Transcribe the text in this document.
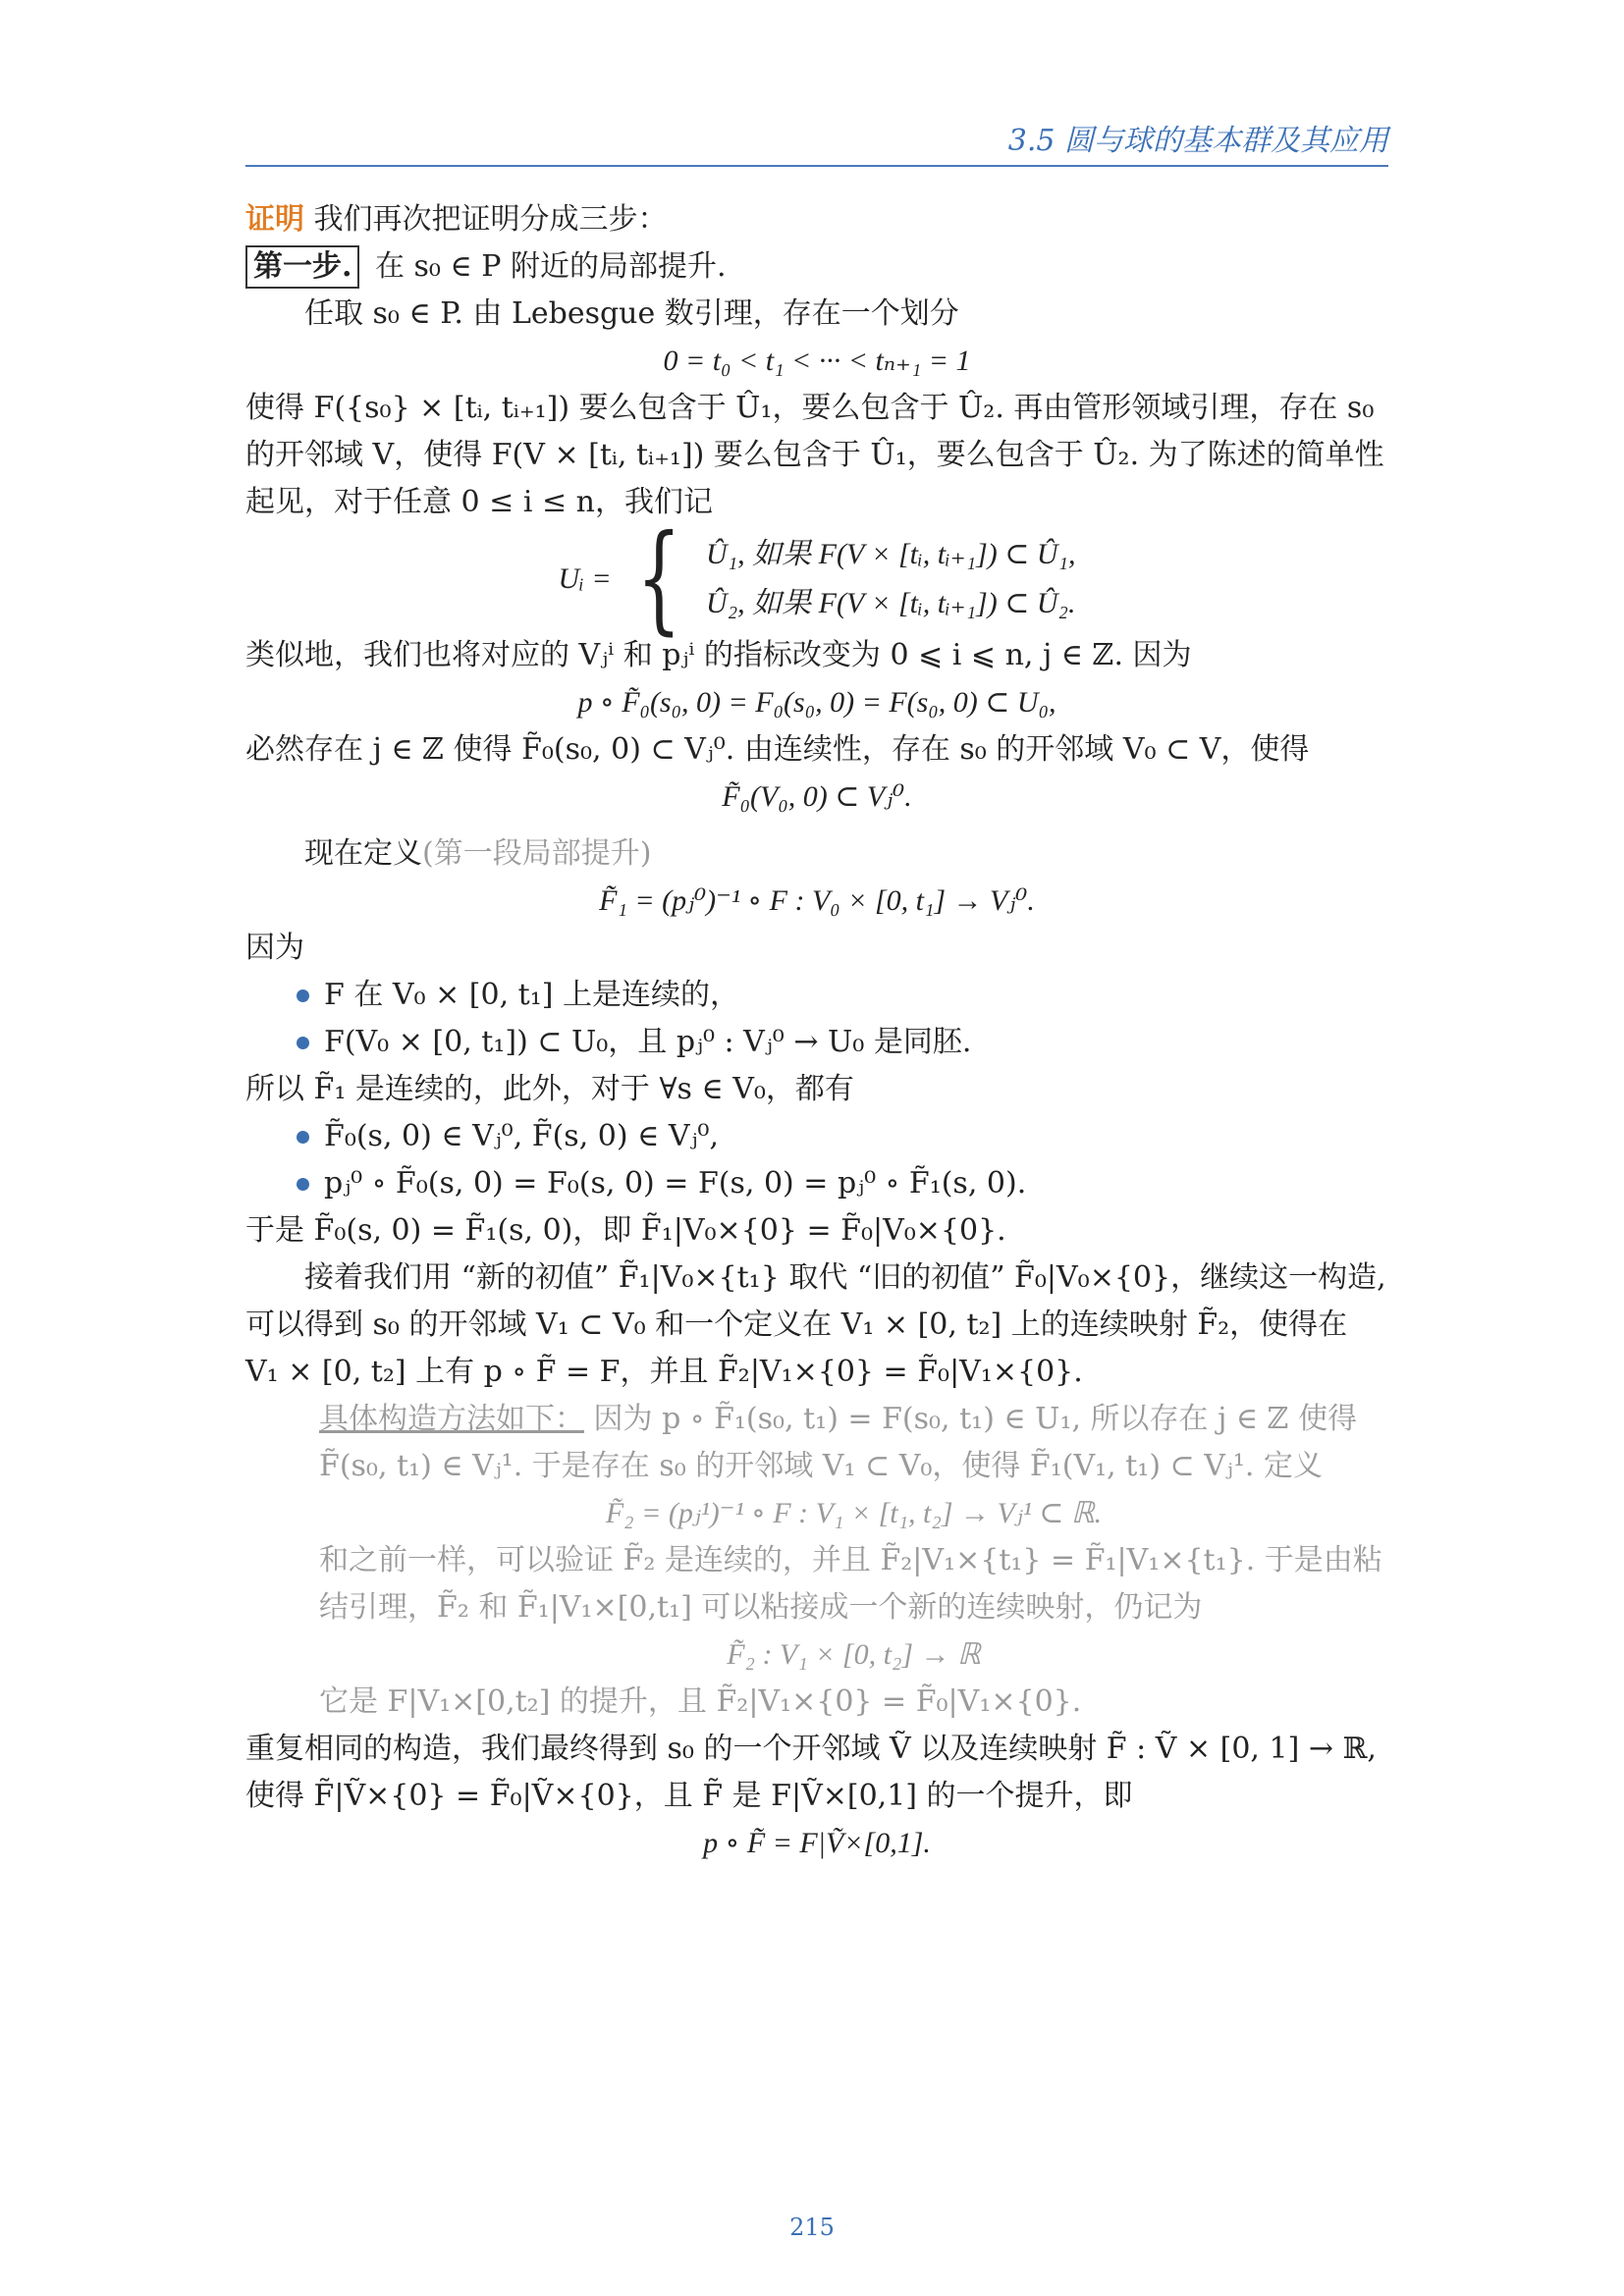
3.5 圆与球的基本群及其应用

证明 我们再次把证明分成三步：

第一步. 在 s₀ ∈ P 附近的局部提升.

任取 s₀ ∈ P. 由 Lebesgue 数引理，存在一个划分

0 = t₀ < t₁ < ··· < tₙ₊₁ = 1

使得 F({s₀} × [tᵢ, tᵢ₊₁]) 要么包含于 Û₁，要么包含于 Û₂. 再由管形领域引理，存在 s₀ 的开邻域 V，使得 F(V × [tᵢ, tᵢ₊₁]) 要么包含于 Û₁，要么包含于 Û₂. 为了陈述的简单性起见，对于任意 0 ≤ i ≤ n，我们记

Uᵢ = { Û₁, 如果 F(V × [tᵢ, tᵢ₊₁]) ⊂ Û₁,
Û₂, 如果 F(V × [tᵢ, tᵢ₊₁]) ⊂ Û₂.

类似地，我们也将对应的 Vⱼⁱ 和 pⱼⁱ 的指标改变为 0 ⩽ i ⩽ n, j ∈ ℤ. 因为

p ∘ F̃₀(s₀, 0) = F₀(s₀, 0) = F(s₀, 0) ⊂ U₀,

必然存在 j ∈ ℤ 使得 F̃₀(s₀, 0) ⊂ Vⱼ⁰. 由连续性，存在 s₀ 的开邻域 V₀ ⊂ V，使得

F̃₀(V₀, 0) ⊂ Vⱼ⁰.

现在定义(第一段局部提升)

F̃₁ = (pⱼ⁰)⁻¹ ∘ F : V₀ × [0, t₁] → Vⱼ⁰.

因为

F 在 V₀ × [0, t₁] 上是连续的，
F(V₀ × [0, t₁]) ⊂ U₀，且 pⱼ⁰ : Vⱼ⁰ → U₀ 是同胚.

所以 F̃₁ 是连续的，此外，对于 ∀s ∈ V₀，都有

F̃₀(s, 0) ∈ Vⱼ⁰, F̃(s, 0) ∈ Vⱼ⁰,
pⱼ⁰ ∘ F̃₀(s, 0) = F₀(s, 0) = F(s, 0) = pⱼ⁰ ∘ F̃₁(s, 0).

于是 F̃₀(s, 0) = F̃₁(s, 0)，即 F̃₁|V₀×{0} = F̃₀|V₀×{0}.

接着我们用 “新的初值” F̃₁|V₀×{t₁} 取代 “旧的初值” F̃₀|V₀×{0}，继续这一构造, 可以得到 s₀ 的开邻域 V₁ ⊂ V₀ 和一个定义在 V₁ × [0, t₂] 上的连续映射 F̃₂，使得在 V₁ × [0, t₂] 上有 p ∘ F̃ = F，并且 F̃₂|V₁×{0} = F̃₀|V₁×{0}.

具体构造方法如下： 因为 p ∘ F̃₁(s₀, t₁) = F(s₀, t₁) ∈ U₁, 所以存在 j ∈ ℤ 使得 F̃(s₀, t₁) ∈ Vⱼ¹. 于是存在 s₀ 的开邻域 V₁ ⊂ V₀，使得 F̃₁(V₁, t₁) ⊂ Vⱼ¹. 定义

F̃₂ = (pⱼ¹)⁻¹ ∘ F : V₁ × [t₁, t₂] → Vⱼ¹ ⊂ ℝ.

和之前一样，可以验证 F̃₂ 是连续的，并且 F̃₂|V₁×{t₁} = F̃₁|V₁×{t₁}. 于是由粘结引理，F̃₂ 和 F̃₁|V₁×[0,t₁] 可以粘接成一个新的连续映射，仍记为

F̃₂ : V₁ × [0, t₂] → ℝ

它是 F|V₁×[0,t₂] 的提升，且 F̃₂|V₁×{0} = F̃₀|V₁×{0}.

重复相同的构造，我们最终得到 s₀ 的一个开邻域 Ṽ 以及连续映射 F̃ : Ṽ × [0, 1] → ℝ, 使得 F̃|Ṽ×{0} = F̃₀|Ṽ×{0}，且 F̃ 是 F|Ṽ×[0,1] 的一个提升，即

p ∘ F̃ = F|Ṽ×[0,1].

215
